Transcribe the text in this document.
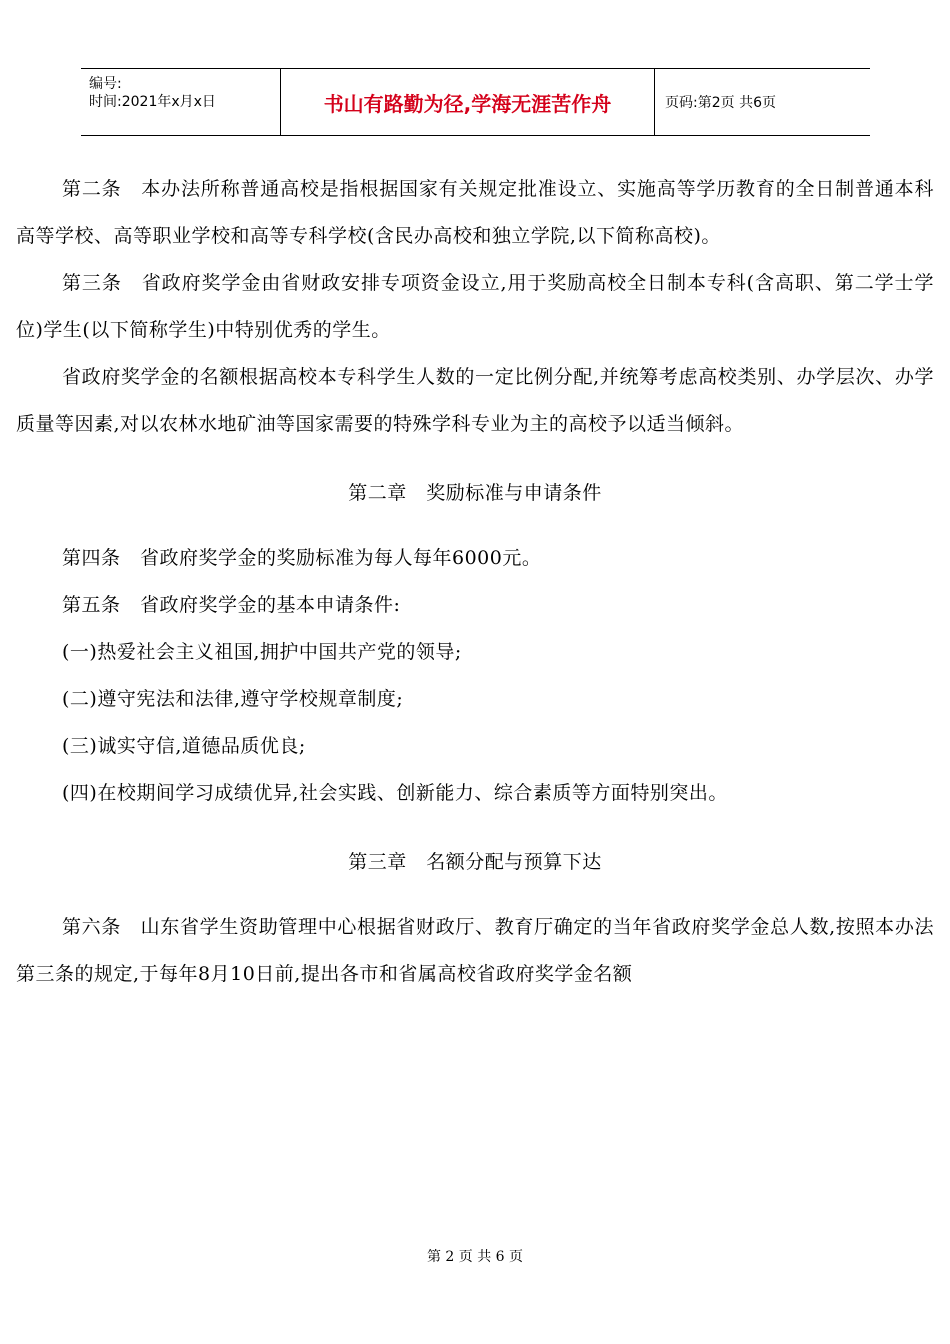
编号:
时间:2021年x月x日	书山有路勤为径,学海无涯苦作舟	页码:第2页 共6页

第二条　本办法所称普通高校是指根据国家有关规定批准设立、实施高等学历教育的全日制普通本科高等学校、高等职业学校和高等专科学校(含民办高校和独立学院,以下简称高校)。

第三条　省政府奖学金由省财政安排专项资金设立,用于奖励高校全日制本专科(含高职、第二学士学位)学生(以下简称学生)中特别优秀的学生。

省政府奖学金的名额根据高校本专科学生人数的一定比例分配,并统筹考虑高校类别、办学层次、办学质量等因素,对以农林水地矿油等国家需要的特殊学科专业为主的高校予以适当倾斜。

第二章　奖励标准与申请条件

第四条　省政府奖学金的奖励标准为每人每年6000元。

第五条　省政府奖学金的基本申请条件:

(一)热爱社会主义祖国,拥护中国共产党的领导;

(二)遵守宪法和法律,遵守学校规章制度;

(三)诚实守信,道德品质优良;

(四)在校期间学习成绩优异,社会实践、创新能力、综合素质等方面特别突出。

第三章　名额分配与预算下达

第六条　山东省学生资助管理中心根据省财政厅、教育厅确定的当年省政府奖学金总人数,按照本办法第三条的规定,于每年8月10日前,提出各市和省属高校省政府奖学金名额

第 2 页 共 6 页
